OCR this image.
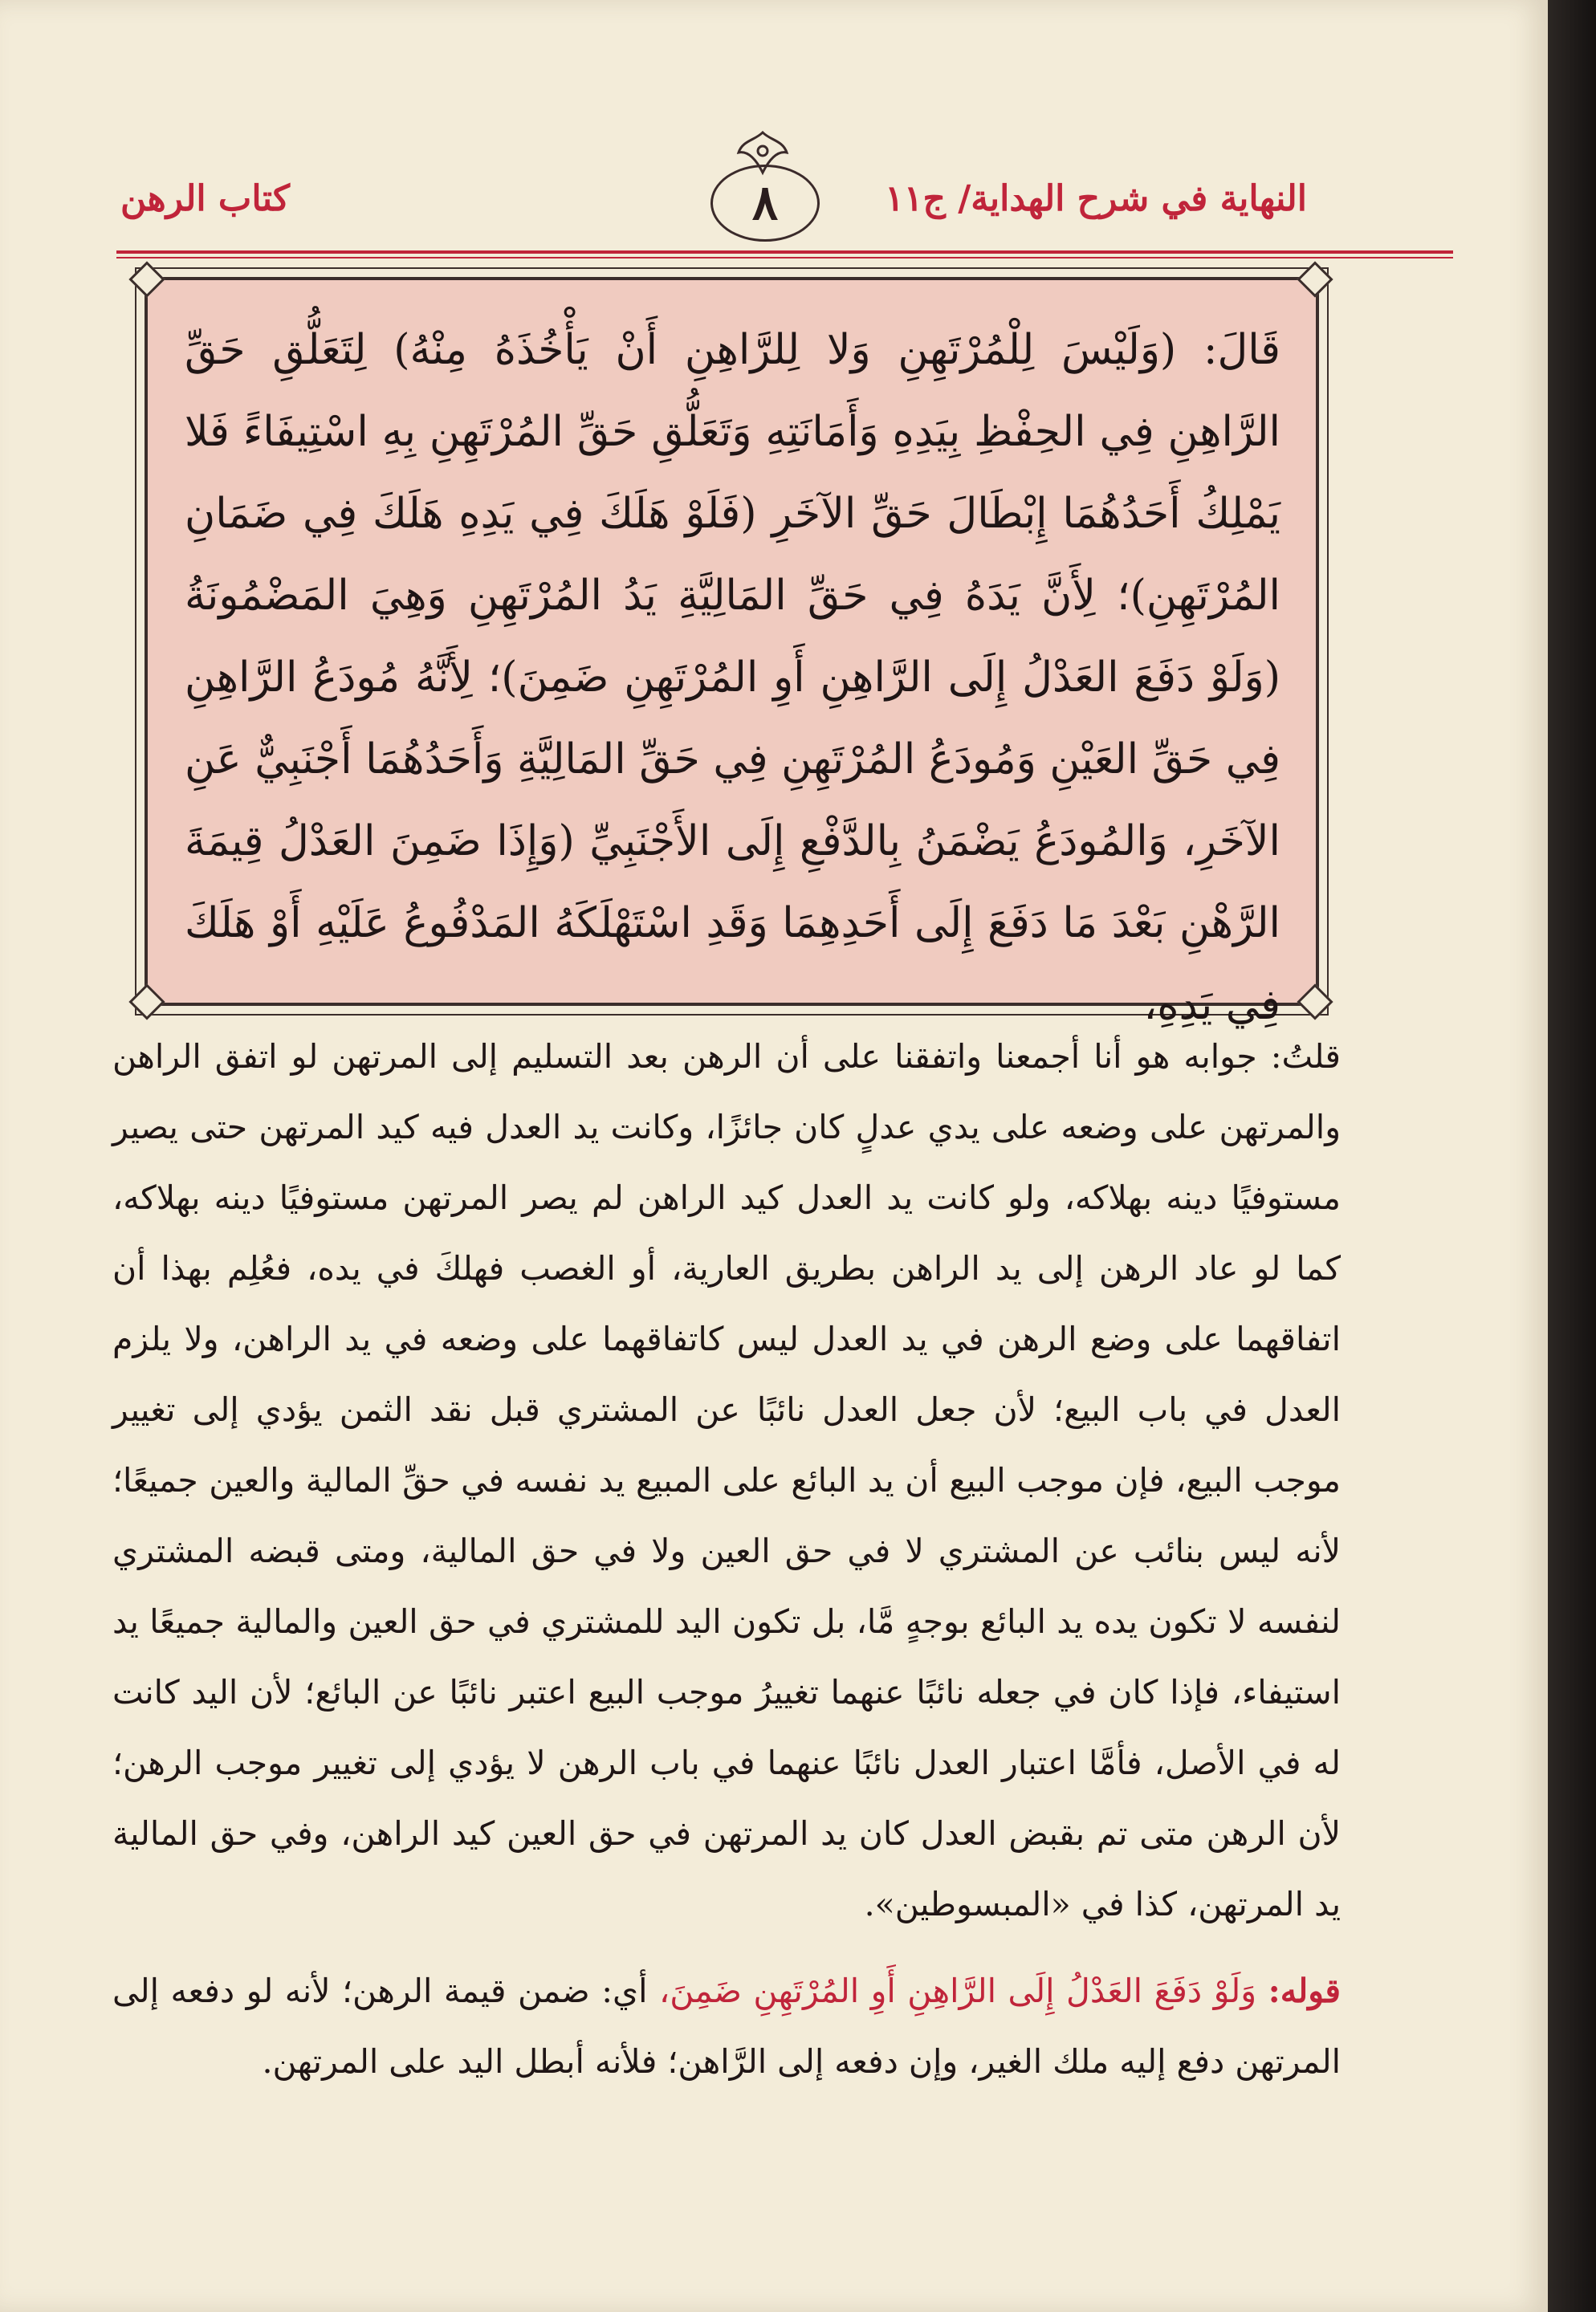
النهاية في شرح الهداية/ ج١١
٨
كتاب الرهن

قَالَ: (وَلَيْسَ لِلْمُرْتَهِنِ وَلا لِلرَّاهِنِ أَنْ يَأْخُذَهُ مِنْهُ) لِتَعَلُّقِ حَقِّ الرَّاهِنِ فِي الحِفْظِ بِيَدِهِ وَأَمَانَتِهِ وَتَعَلُّقِ حَقِّ المُرْتَهِنِ بِهِ اسْتِيفَاءً فَلا يَمْلِكُ أَحَدُهُمَا إِبْطَالَ حَقِّ الآخَرِ (فَلَوْ هَلَكَ فِي يَدِهِ هَلَكَ فِي ضَمَانِ المُرْتَهِنِ)؛ لِأَنَّ يَدَهُ فِي حَقِّ المَالِيَّةِ يَدُ المُرْتَهِنِ وَهِيَ المَضْمُونَةُ (وَلَوْ دَفَعَ العَدْلُ إِلَى الرَّاهِنِ أَوِ المُرْتَهِنِ ضَمِنَ)؛ لِأَنَّهُ مُودَعُ الرَّاهِنِ فِي حَقِّ العَيْنِ وَمُودَعُ المُرْتَهِنِ فِي حَقِّ المَالِيَّةِ وَأَحَدُهُمَا أَجْنَبِيٌّ عَنِ الآخَرِ، وَالمُودَعُ يَضْمَنُ بِالدَّفْعِ إِلَى الأَجْنَبِيِّ (وَإِذَا ضَمِنَ العَدْلُ قِيمَةَ الرَّهْنِ بَعْدَ مَا دَفَعَ إِلَى أَحَدِهِمَا وَقَدِ اسْتَهْلَكَهُ المَدْفُوعُ عَلَيْهِ أَوْ هَلَكَ فِي يَدِهِ،

قلتُ: جوابه هو أنا أجمعنا واتفقنا على أن الرهن بعد التسليم إلى المرتهن لو اتفق الراهن والمرتهن على وضعه على يدي عدلٍ كان جائزًا، وكانت يد العدل فيه كيد المرتهن حتى يصير مستوفيًا دينه بهلاكه، ولو كانت يد العدل كيد الراهن لم يصر المرتهن مستوفيًا دينه بهلاكه، كما لو عاد الرهن إلى يد الراهن بطريق العارية، أو الغصب فهلكَ في يده، فعُلِم بهذا أن اتفاقهما على وضع الرهن في يد العدل ليس كاتفاقهما على وضعه في يد الراهن، ولا يلزم العدل في باب البيع؛ لأن جعل العدل نائبًا عن المشتري قبل نقد الثمن يؤدي إلى تغيير موجب البيع، فإن موجب البيع أن يد البائع على المبيع يد نفسه في حقِّ المالية والعين جميعًا؛ لأنه ليس بنائب عن المشتري لا في حق العين ولا في حق المالية، ومتى قبضه المشتري لنفسه لا تكون يده يد البائع بوجهٍ مَّا، بل تكون اليد للمشتري في حق العين والمالية جميعًا يد استيفاء، فإذا كان في جعله نائبًا عنهما تغييرُ موجب البيع اعتبر نائبًا عن البائع؛ لأن اليد كانت له في الأصل، فأمَّا اعتبار العدل نائبًا عنهما في باب الرهن لا يؤدي إلى تغيير موجب الرهن؛ لأن الرهن متى تم بقبض العدل كان يد المرتهن في حق العين كيد الراهن، وفي حق المالية يد المرتهن، كذا في «المبسوطين».

قوله: وَلَوْ دَفَعَ العَدْلُ إِلَى الرَّاهِنِ أَوِ المُرْتَهِنِ ضَمِنَ، أي: ضمن قيمة الرهن؛ لأنه لو دفعه إلى المرتهن دفع إليه ملك الغير، وإن دفعه إلى الرَّاهن؛ فلأنه أبطل اليد على المرتهن.
